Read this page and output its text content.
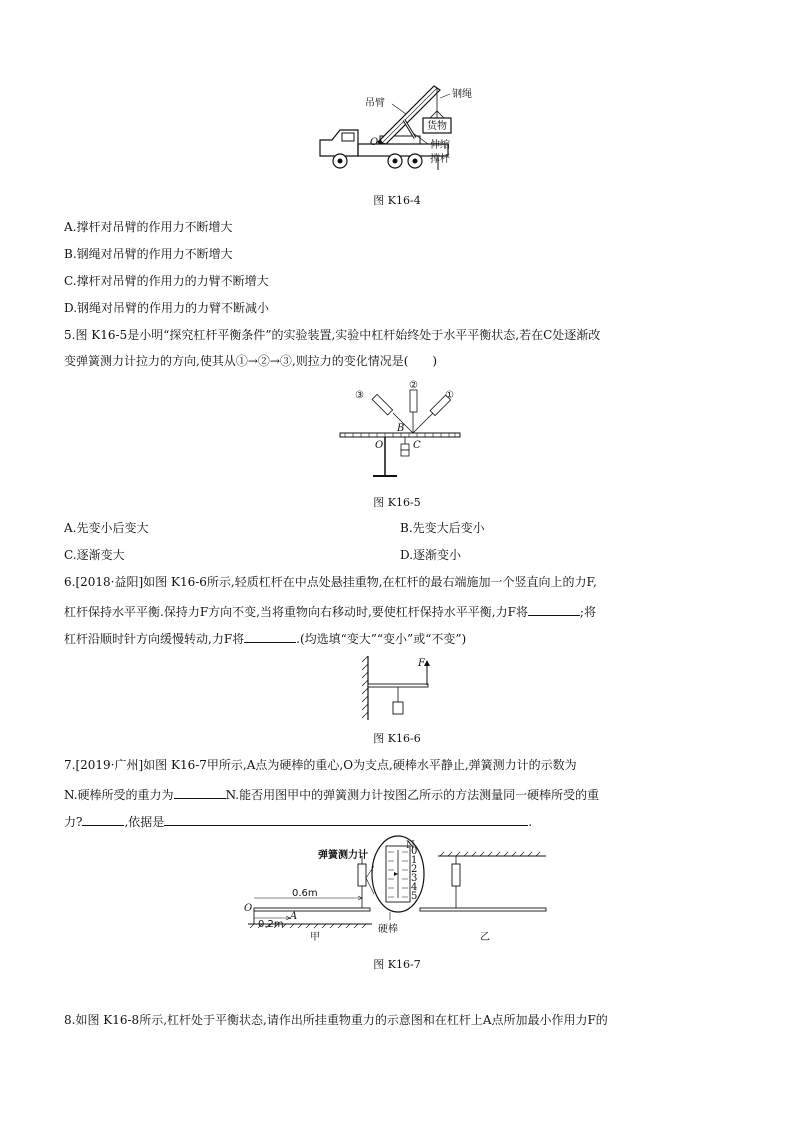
货物
吊臂
钢绳
伸缩
撑杆
O
图 K16-4
A.撑杆对吊臂的作用力不断增大
B.钢绳对吊臂的作用力不断增大
C.撑杆对吊臂的作用力的力臂不断增大
D.钢绳对吊臂的作用力的力臂不断减小
5.图 K16-5是小明“探究杠杆平衡条件”的实验装置,实验中杠杆始终处于水平平衡状态,若在C处逐渐改
变弹簧测力计拉力的方向,使其从①→②→③,则拉力的变化情况是(　　)
③
②
①
O
B
C
图 K16-5
A.先变小后变大	B.先变大后变小
C.逐渐变大	D.逐渐变小
6.[2018·益阳]如图 K16-6所示,轻质杠杆在中点处悬挂重物,在杠杆的最右端施加一个竖直向上的力F,
杠杆保持水平平衡.保持力F方向不变,当将重物向右移动时,要使杠杆保持水平平衡,力F将	;将
杠杆沿顺时针方向缓慢转动,力F将	.(均选填“变大”“变小”或“不变”)
F
图 K16-6
7.[2019·广州]如图 K16-7甲所示,A点为硬棒的重心,O为支点,硬棒水平静止,弹簧测力计的示数为
N.硬棒所受的重力为	N.能否用图甲中的弹簧测力计按图乙所示的方法测量同一硬棒所受的重
力?	,依据是	.
O
0.6m
0.2m
A
弹簧测力计
N
0
1
2
3
4
5
硬棒
甲	乙
图 K16-7
8.如图 K16-8所示,杠杆处于平衡状态,请作出所挂重物重力的示意图和在杠杆上A点所加最小作用力F的
